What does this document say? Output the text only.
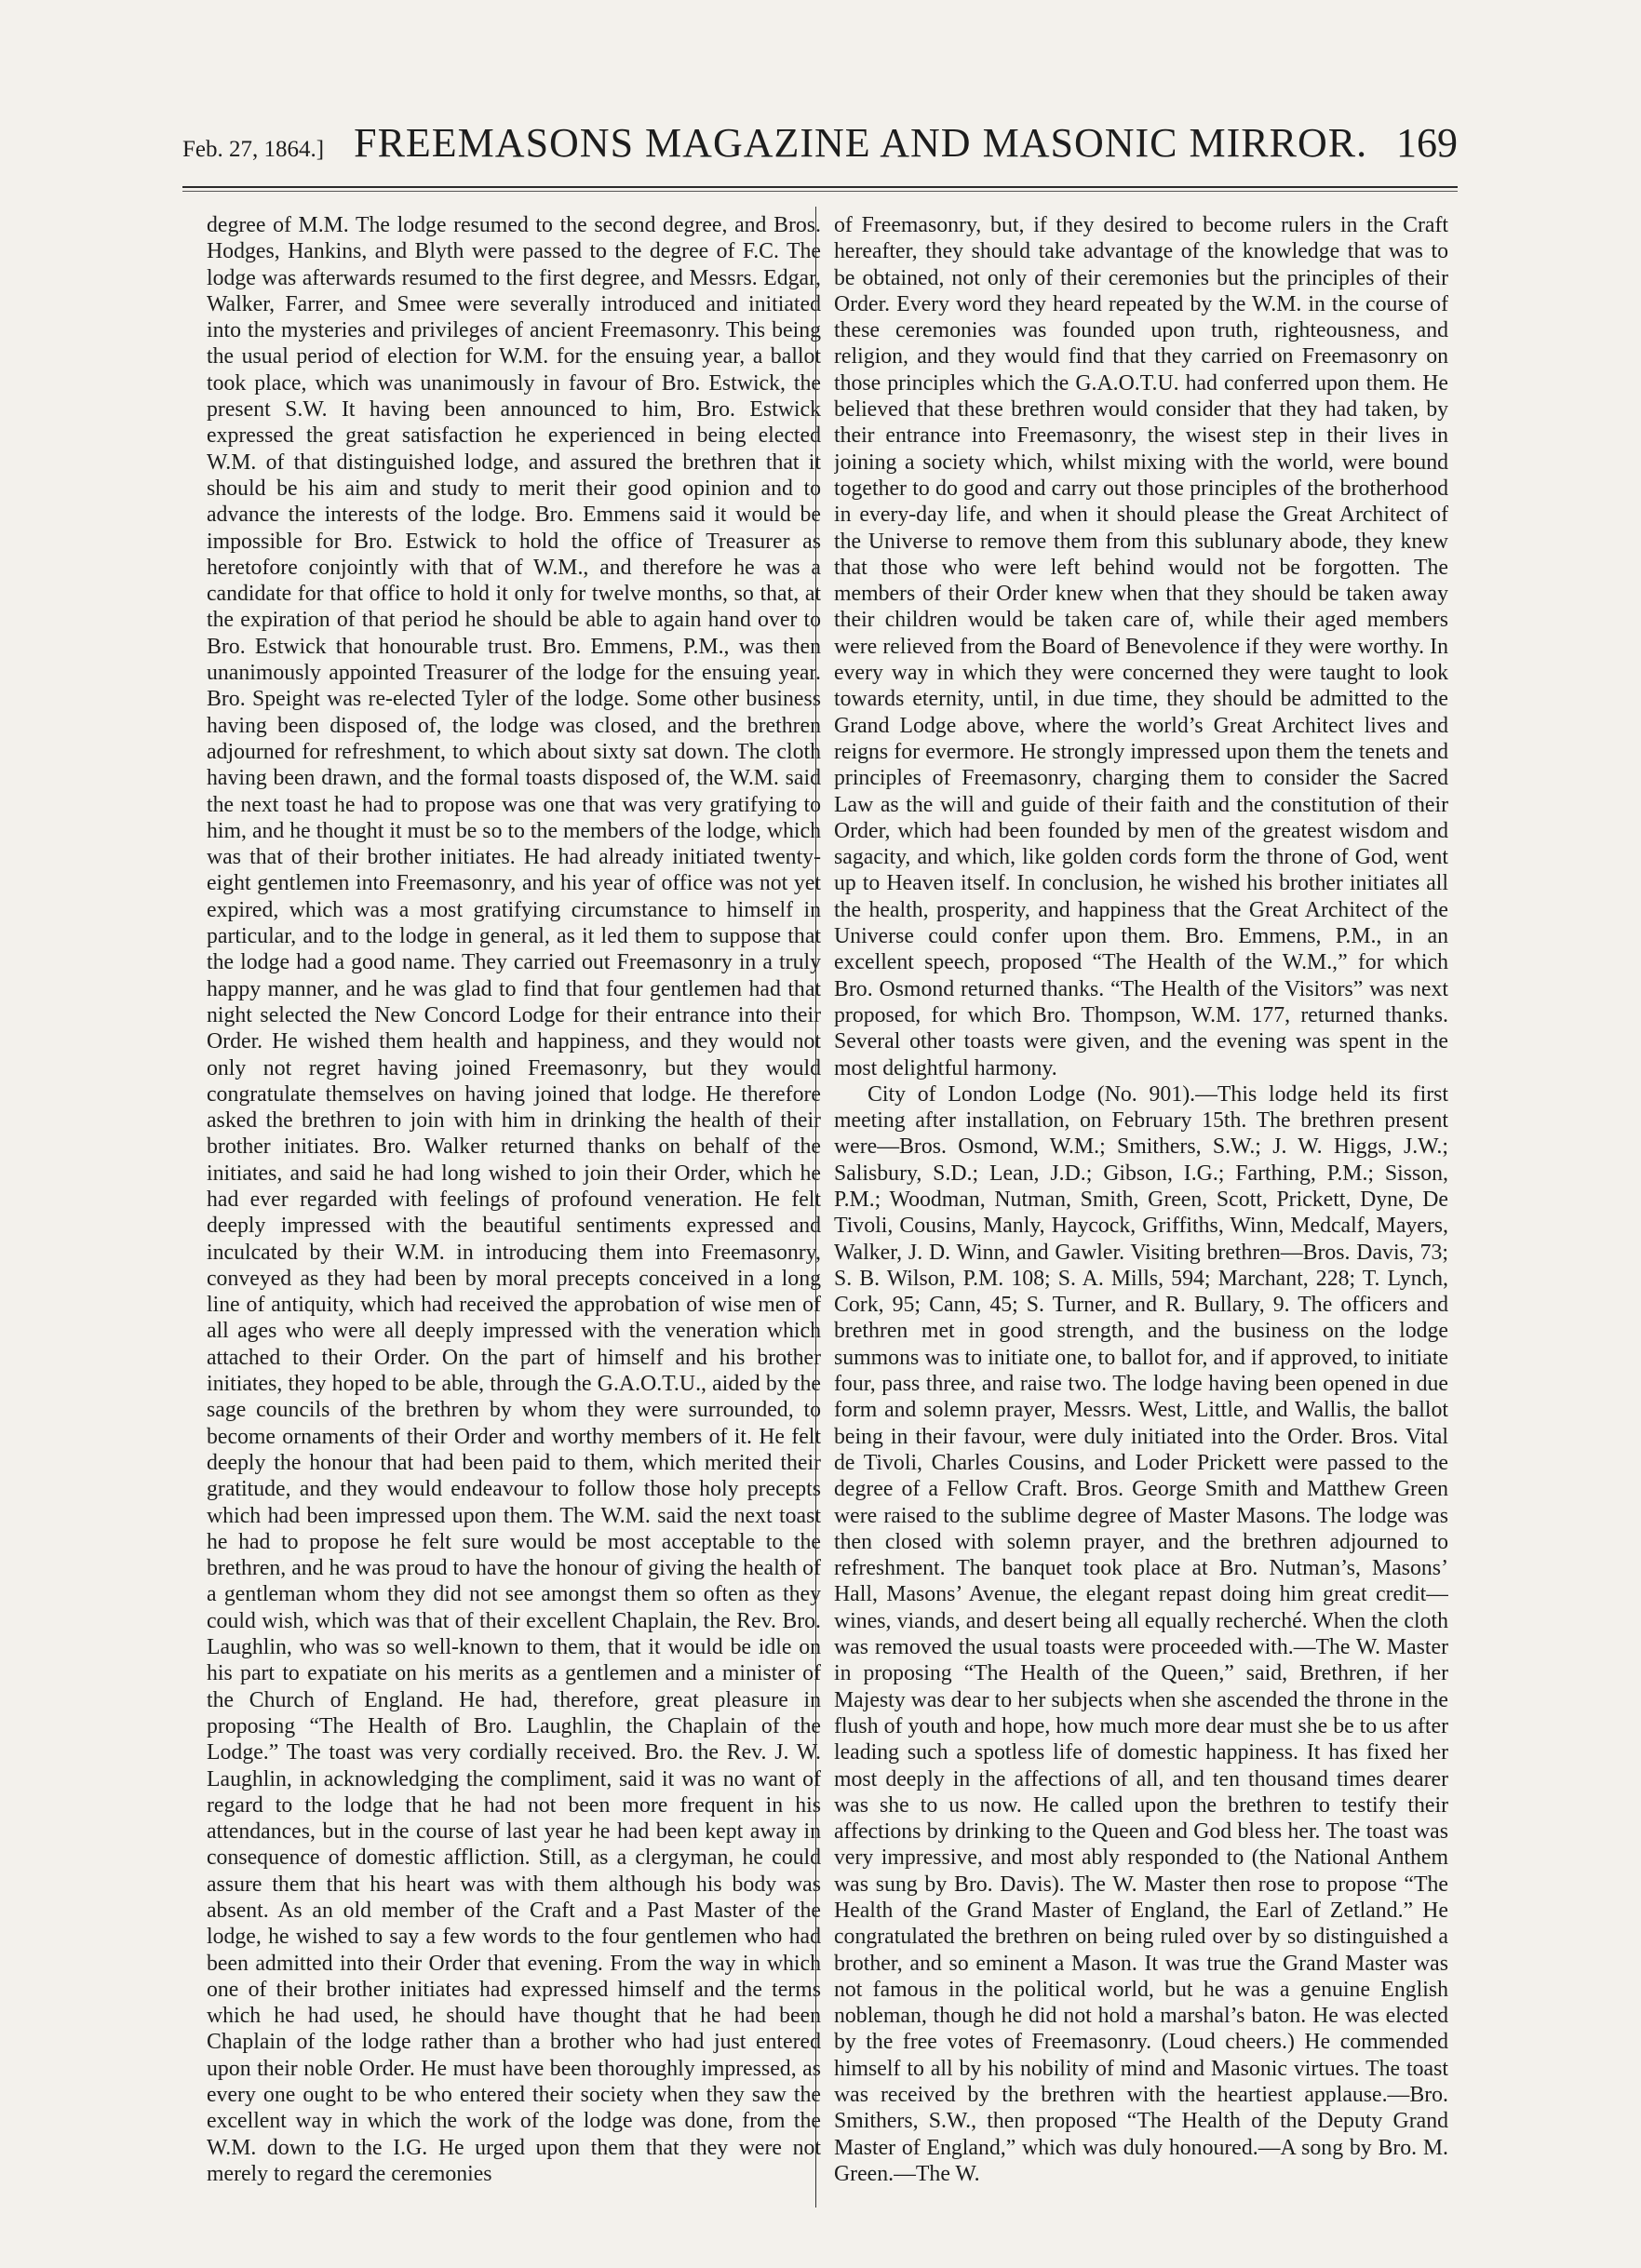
Feb. 27, 1864.] FREEMASONS MAGAZINE AND MASONIC MIRROR. 169

degree of M.M. The lodge resumed to the second degree, and Bros. Hodges, Hankins, and Blyth were passed to the degree of F.C. The lodge was afterwards resumed to the first degree, and Messrs. Edgar, Walker, Farrer, and Smee were severally introduced and initiated into the mysteries and privileges of ancient Freemasonry. This being the usual period of election for W.M. for the ensuing year, a ballot took place, which was unanimously in favour of Bro. Estwick, the present S.W. It having been announced to him, Bro. Estwick expressed the great satisfaction he experienced in being elected W.M. of that distinguished lodge, and assured the brethren that it should be his aim and study to merit their good opinion and to advance the interests of the lodge. Bro. Emmens said it would be impossible for Bro. Estwick to hold the office of Treasurer as heretofore conjointly with that of W.M., and therefore he was a candidate for that office to hold it only for twelve months, so that, at the expiration of that period he should be able to again hand over to Bro. Estwick that honourable trust. Bro. Emmens, P.M., was then unanimously appointed Treasurer of the lodge for the ensuing year. Bro. Speight was re-elected Tyler of the lodge. Some other business having been disposed of, the lodge was closed, and the brethren adjourned for refreshment, to which about sixty sat down. The cloth having been drawn, and the formal toasts disposed of, the W.M. said the next toast he had to propose was one that was very gratifying to him, and he thought it must be so to the members of the lodge, which was that of their brother initiates. He had already initiated twenty-eight gentlemen into Freemasonry, and his year of office was not yet expired, which was a most gratifying circumstance to himself in particular, and to the lodge in general, as it led them to suppose that the lodge had a good name. They carried out Freemasonry in a truly happy manner, and he was glad to find that four gentlemen had that night selected the New Concord Lodge for their entrance into their Order. He wished them health and happiness, and they would not only not regret having joined Freemasonry, but they would congratulate themselves on having joined that lodge. He therefore asked the brethren to join with him in drinking the health of their brother initiates. Bro. Walker returned thanks on behalf of the initiates, and said he had long wished to join their Order, which he had ever regarded with feelings of profound veneration. He felt deeply impressed with the beautiful sentiments expressed and inculcated by their W.M. in introducing them into Freemasonry, conveyed as they had been by moral precepts conceived in a long line of antiquity, which had received the approbation of wise men of all ages who were all deeply impressed with the veneration which attached to their Order. On the part of himself and his brother initiates, they hoped to be able, through the G.A.O.T.U., aided by the sage councils of the brethren by whom they were surrounded, to become ornaments of their Order and worthy members of it. He felt deeply the honour that had been paid to them, which merited their gratitude, and they would endeavour to follow those holy precepts which had been impressed upon them. The W.M. said the next toast he had to propose he felt sure would be most acceptable to the brethren, and he was proud to have the honour of giving the health of a gentleman whom they did not see amongst them so often as they could wish, which was that of their excellent Chaplain, the Rev. Bro. Laughlin, who was so well-known to them, that it would be idle on his part to expatiate on his merits as a gentlemen and a minister of the Church of England. He had, therefore, great pleasure in proposing “The Health of Bro. Laughlin, the Chaplain of the Lodge.” The toast was very cordially received. Bro. the Rev. J. W. Laughlin, in acknowledging the compliment, said it was no want of regard to the lodge that he had not been more frequent in his attendances, but in the course of last year he had been kept away in consequence of domestic affliction. Still, as a clergyman, he could assure them that his heart was with them although his body was absent. As an old member of the Craft and a Past Master of the lodge, he wished to say a few words to the four gentlemen who had been admitted into their Order that evening. From the way in which one of their brother initiates had expressed himself and the terms which he had used, he should have thought that he had been Chaplain of the lodge rather than a brother who had just entered upon their noble Order. He must have been thoroughly impressed, as every one ought to be who entered their society when they saw the excellent way in which the work of the lodge was done, from the W.M. down to the I.G. He urged upon them that they were not merely to regard the ceremonies

of Freemasonry, but, if they desired to become rulers in the Craft hereafter, they should take advantage of the knowledge that was to be obtained, not only of their ceremonies but the principles of their Order. Every word they heard repeated by the W.M. in the course of these ceremonies was founded upon truth, righteousness, and religion, and they would find that they carried on Freemasonry on those principles which the G.A.O.T.U. had conferred upon them. He believed that these brethren would consider that they had taken, by their entrance into Freemasonry, the wisest step in their lives in joining a society which, whilst mixing with the world, were bound together to do good and carry out those principles of the brotherhood in every-day life, and when it should please the Great Architect of the Universe to remove them from this sublunary abode, they knew that those who were left behind would not be forgotten. The members of their Order knew when that they should be taken away their children would be taken care of, while their aged members were relieved from the Board of Benevolence if they were worthy. In every way in which they were concerned they were taught to look towards eternity, until, in due time, they should be admitted to the Grand Lodge above, where the world’s Great Architect lives and reigns for evermore. He strongly impressed upon them the tenets and principles of Freemasonry, charging them to consider the Sacred Law as the will and guide of their faith and the constitution of their Order, which had been founded by men of the greatest wisdom and sagacity, and which, like golden cords form the throne of God, went up to Heaven itself. In conclusion, he wished his brother initiates all the health, prosperity, and happiness that the Great Architect of the Universe could confer upon them. Bro. Emmens, P.M., in an excellent speech, proposed “The Health of the W.M.,” for which Bro. Osmond returned thanks. “The Health of the Visitors” was next proposed, for which Bro. Thompson, W.M. 177, returned thanks. Several other toasts were given, and the evening was spent in the most delightful harmony.

City of London Lodge (No. 901).—This lodge held its first meeting after installation, on February 15th. The brethren present were—Bros. Osmond, W.M.; Smithers, S.W.; J. W. Higgs, J.W.; Salisbury, S.D.; Lean, J.D.; Gibson, I.G.; Farthing, P.M.; Sisson, P.M.; Woodman, Nutman, Smith, Green, Scott, Prickett, Dyne, De Tivoli, Cousins, Manly, Haycock, Griffiths, Winn, Medcalf, Mayers, Walker, J. D. Winn, and Gawler. Visiting brethren—Bros. Davis, 73; S. B. Wilson, P.M. 108; S. A. Mills, 594; Marchant, 228; T. Lynch, Cork, 95; Cann, 45; S. Turner, and R. Bullary, 9. The officers and brethren met in good strength, and the business on the lodge summons was to initiate one, to ballot for, and if approved, to initiate four, pass three, and raise two. The lodge having been opened in due form and solemn prayer, Messrs. West, Little, and Wallis, the ballot being in their favour, were duly initiated into the Order. Bros. Vital de Tivoli, Charles Cousins, and Loder Prickett were passed to the degree of a Fellow Craft. Bros. George Smith and Matthew Green were raised to the sublime degree of Master Masons. The lodge was then closed with solemn prayer, and the brethren adjourned to refreshment. The banquet took place at Bro. Nutman’s, Masons’ Hall, Masons’ Avenue, the elegant repast doing him great credit—wines, viands, and desert being all equally recherché. When the cloth was removed the usual toasts were proceeded with.—The W. Master in proposing “The Health of the Queen,” said, Brethren, if her Majesty was dear to her subjects when she ascended the throne in the flush of youth and hope, how much more dear must she be to us after leading such a spotless life of domestic happiness. It has fixed her most deeply in the affections of all, and ten thousand times dearer was she to us now. He called upon the brethren to testify their affections by drinking to the Queen and God bless her. The toast was very impressive, and most ably responded to (the National Anthem was sung by Bro. Davis). The W. Master then rose to propose “The Health of the Grand Master of England, the Earl of Zetland.” He congratulated the brethren on being ruled over by so distinguished a brother, and so eminent a Mason. It was true the Grand Master was not famous in the political world, but he was a genuine English nobleman, though he did not hold a marshal’s baton. He was elected by the free votes of Freemasonry. (Loud cheers.) He commended himself to all by his nobility of mind and Masonic virtues. The toast was received by the brethren with the heartiest applause.—Bro. Smithers, S.W., then proposed “The Health of the Deputy Grand Master of England,” which was duly honoured.—A song by Bro. M. Green.—The W.
